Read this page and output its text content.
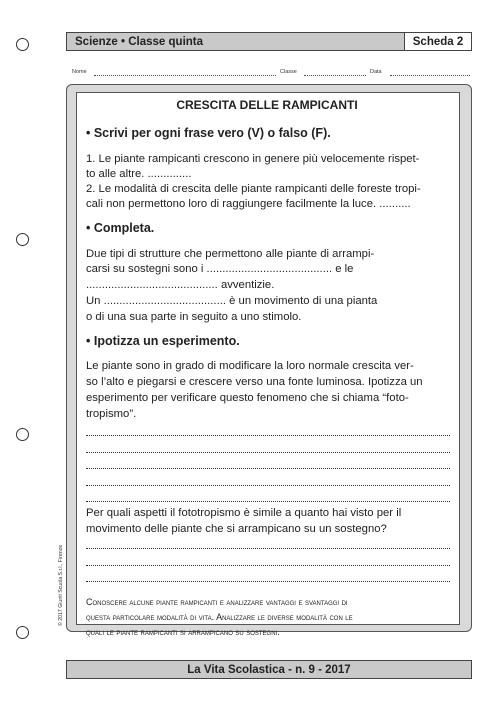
Scienze • Classe quinta	Scheda 2
Nome	Classe	Data
CRESCITA DELLE RAMPICANTI
• Scrivi per ogni frase vero (V) o falso (F).
1. Le piante rampicanti crescono in genere più velocemente rispet-
to alle altre. ..............
2. Le modalità di crescita delle piante rampicanti delle foreste tropi-
cali non permettono loro di raggiungere facilmente la luce. ..........
• Completa.
Due tipi di strutture che permettono alle piante di arrampi-
carsi su sostegni sono i ........................................ e le
.......................................... avventizie.
Un ....................................... è un movimento di una pianta
o di una sua parte in seguito a uno stimolo.
• Ipotizza un esperimento.
Le piante sono in grado di modificare la loro normale crescita ver-
so l’alto e piegarsi e crescere verso una fonte luminosa. Ipotizza un
esperimento per verificare questo fenomeno che si chiama “foto-
tropismo”.
Per quali aspetti il fototropismo è simile a quanto hai visto per il
movimento delle piante che si arrampicano su un sostegno?
Conoscere alcune piante rampicanti e analizzare vantaggi e svantaggi di
questa particolare modalità di vita. Analizzare le diverse modalità con le
quali le piante rampicanti si arrampicano su sostegni.
© 2017 Giunti Scuola S.r.l., Firenze
La Vita Scolastica - n. 9 - 2017
